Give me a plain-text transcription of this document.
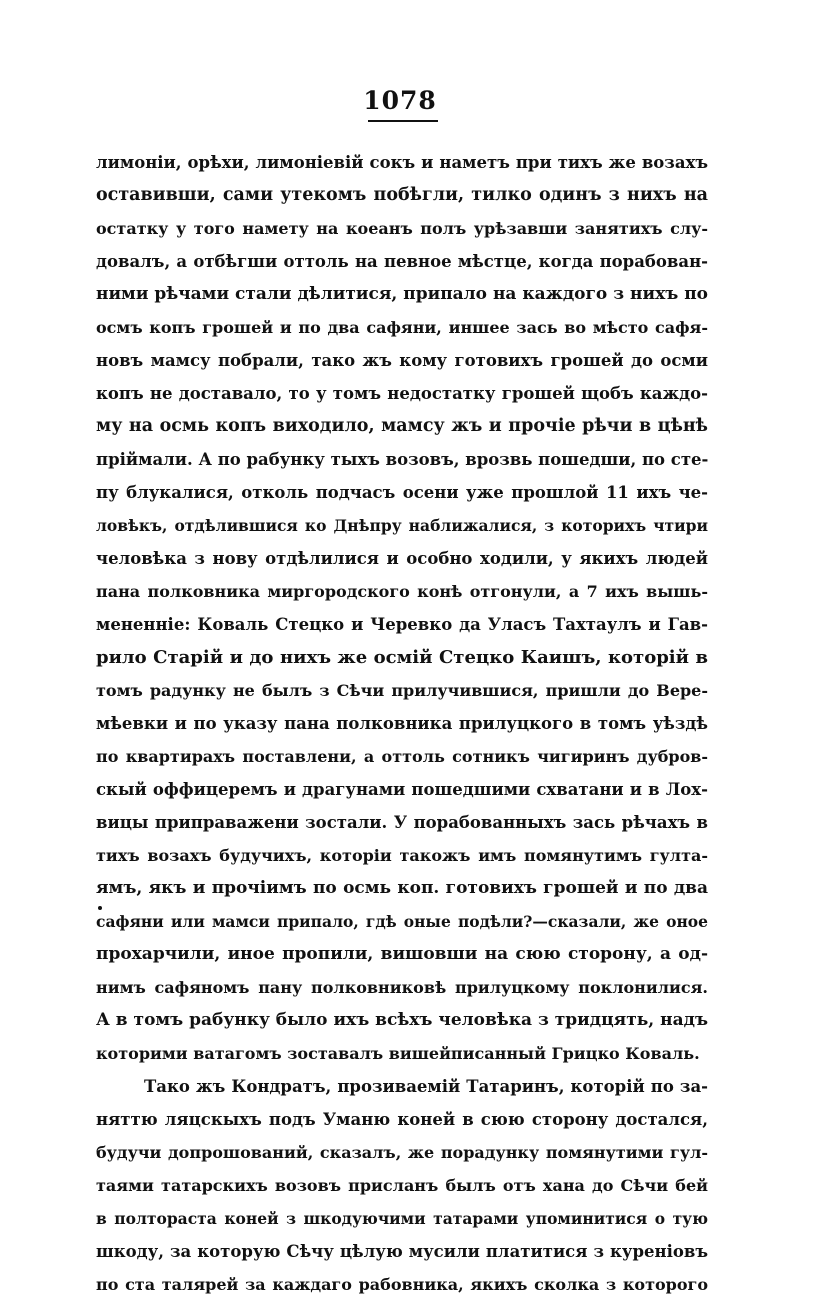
1078
лимоніи, орѣхи, лимоніевій сокъ и наметъ при тихъ же возахъ
оставивши, сами утекомъ побѣгли, тилко одинъ з нихъ на
остатку у того намету на коеанъ полъ урѣзавши занятихъ слу-
довалъ, а отбѣгши оттоль на певное мѣстце, когда порабован-
ними рѣчами стали дѣлитися, припало на каждого з нихъ по
осмъ копъ грошей и по два сафяни, иншее зась во мѣсто сафя-
новъ мамсу побрали, тако жъ кому готовихъ грошей до осми
копъ не доставало, то у томъ недостатку грошей щобъ каждо-
му на осмь копъ виходило, мамсу жъ и прочіе рѣчи в цѣнѣ
пріймали. А по рабунку тыхъ возовъ, врозвь пошедши, по сте-
пу блукалися, отколь подчасъ осени уже прошлой 11 ихъ че-
ловѣкъ, отдѣлившися ко Днѣпру наближалися, з которихъ чтири
человѣка з нову отдѣлилися и особно ходили, у якихъ людей
пана полковника миргородского конѣ отгонули, а 7 ихъ вышь-
мененніе: Коваль Стецко и Черевко да Уласъ Тахтаулъ и Гав-
рило Старій и до нихъ же осмій Стецко Каишъ, которій в
томъ радунку не былъ з Сѣчи прилучившися, пришли до Вере-
мѣевки и по указу пана полковника прилуцкого в томъ уѣздѣ
по квартирахъ поставлени, а оттоль сотникъ чигиринъ дубров-
скый оффицеремъ и драгунами пошедшими схватани и в Лох-
вицы приправажени зостали. У порабованныхъ зась рѣчахъ в
тихъ возахъ будучихъ, которіи такожъ имъ помянутимъ гулта-
ямъ, якъ и прочіимъ по осмь коп. готовихъ грошей и по два
сафяни или мамси припало, гдѣ оные подѣли?—сказали, же оное
прохарчили, иное пропили, вишовши на сюю сторону, а од-
нимъ сафяномъ пану полковниковѣ прилуцкому поклонилися.
А в томъ рабунку было ихъ всѣхъ человѣка з тридцять, надъ
которими ватагомъ зоставалъ вишейписанный Грицко Коваль.
Тако жъ Кондратъ, прозиваемій Татаринъ, которій по за-
няттю ляцскыхъ подъ Уманю коней в сюю сторону достался,
будучи допрошований, сказалъ, же порадунку помянутими гул-
таями татарскихъ возовъ присланъ былъ отъ хана до Сѣчи бей
в полтораста коней з шкодуючими татарами упоминитися о тую
шкоду, за которую Сѣчу цѣлую мусили платитися з куреніовъ
по ста талярей за каждаго рабовника, якихъ сколка з которого
